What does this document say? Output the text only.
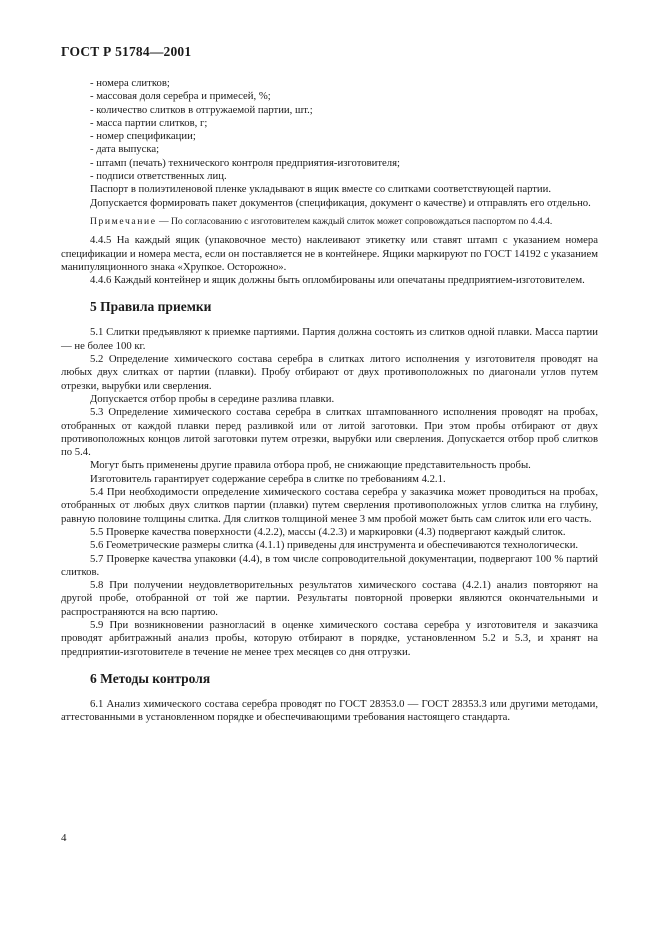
ГОСТ Р 51784—2001

- номера слитков;

- массовая доля серебра и примесей, %;

- количество слитков в отгружаемой партии, шт.;

- масса партии слитков, г;

- номер спецификации;

- дата выпуска;

- штамп (печать) технического контроля предприятия-изготовителя;

- подписи ответственных лиц.

Паспорт в полиэтиленовой пленке укладывают в ящик вместе со слитками соответствующей партии.

Допускается формировать пакет документов (спецификация, документ о качестве) и отправлять его отдельно.

Примечание — По согласованию с изготовителем каждый слиток может сопровождаться паспортом по 4.4.4.

4.4.5 На каждый ящик (упаковочное место) наклеивают этикетку или ставят штамп с указанием номера спецификации и номера места, если он поставляется не в контейнере. Ящики маркируют по ГОСТ 14192 с указанием манипуляционного знака «Хрупкое. Осторожно».

4.4.6 Каждый контейнер и ящик должны быть опломбированы или опечатаны предприятием-изготовителем.

5 Правила приемки

5.1 Слитки предъявляют к приемке партиями. Партия должна состоять из слитков одной плавки. Масса партии — не более 100 кг.

5.2 Определение химического состава серебра в слитках литого исполнения у изготовителя проводят на любых двух слитках от партии (плавки). Пробу отбирают от двух противоположных по диагонали углов путем отрезки, вырубки или сверления.

Допускается отбор пробы в середине разлива плавки.

5.3 Определение химического состава серебра в слитках штампованного исполнения проводят на пробах, отобранных от каждой плавки перед разливкой или от литой заготовки. При этом пробы отбирают от двух противоположных концов литой заготовки путем отрезки, вырубки или сверления. Допускается отбор проб слитков по 5.4.

Могут быть применены другие правила отбора проб, не снижающие представительность пробы.

Изготовитель гарантирует содержание серебра в слитке по требованиям 4.2.1.

5.4 При необходимости определение химического состава серебра у заказчика может проводиться на пробах, отобранных от любых двух слитков партии (плавки) путем сверления противоположных углов слитка на глубину, равную половине толщины слитка. Для слитков толщиной менее 3 мм пробой может быть сам слиток или его часть.

5.5 Проверке качества поверхности (4.2.2), массы (4.2.3) и маркировки (4.3) подвергают каждый слиток.

5.6 Геометрические размеры слитка (4.1.1) приведены для инструмента и обеспечиваются технологически.

5.7 Проверке качества упаковки (4.4), в том числе сопроводительной документации, подвергают 100 % партий слитков.

5.8 При получении неудовлетворительных результатов химического состава (4.2.1) анализ повторяют на другой пробе, отобранной от той же партии. Результаты повторной проверки являются окончательными и распространяются на всю партию.

5.9 При возникновении разногласий в оценке химического состава серебра у изготовителя и заказчика проводят арбитражный анализ пробы, которую отбирают в порядке, установленном 5.2 и 5.3, и хранят на предприятии-изготовителе в течение не менее трех месяцев со дня отгрузки.

6 Методы контроля

6.1 Анализ химического состава серебра проводят по ГОСТ 28353.0 — ГОСТ 28353.3 или другими методами, аттестованными в установленном порядке и обеспечивающими требования настоящего стандарта.

4
